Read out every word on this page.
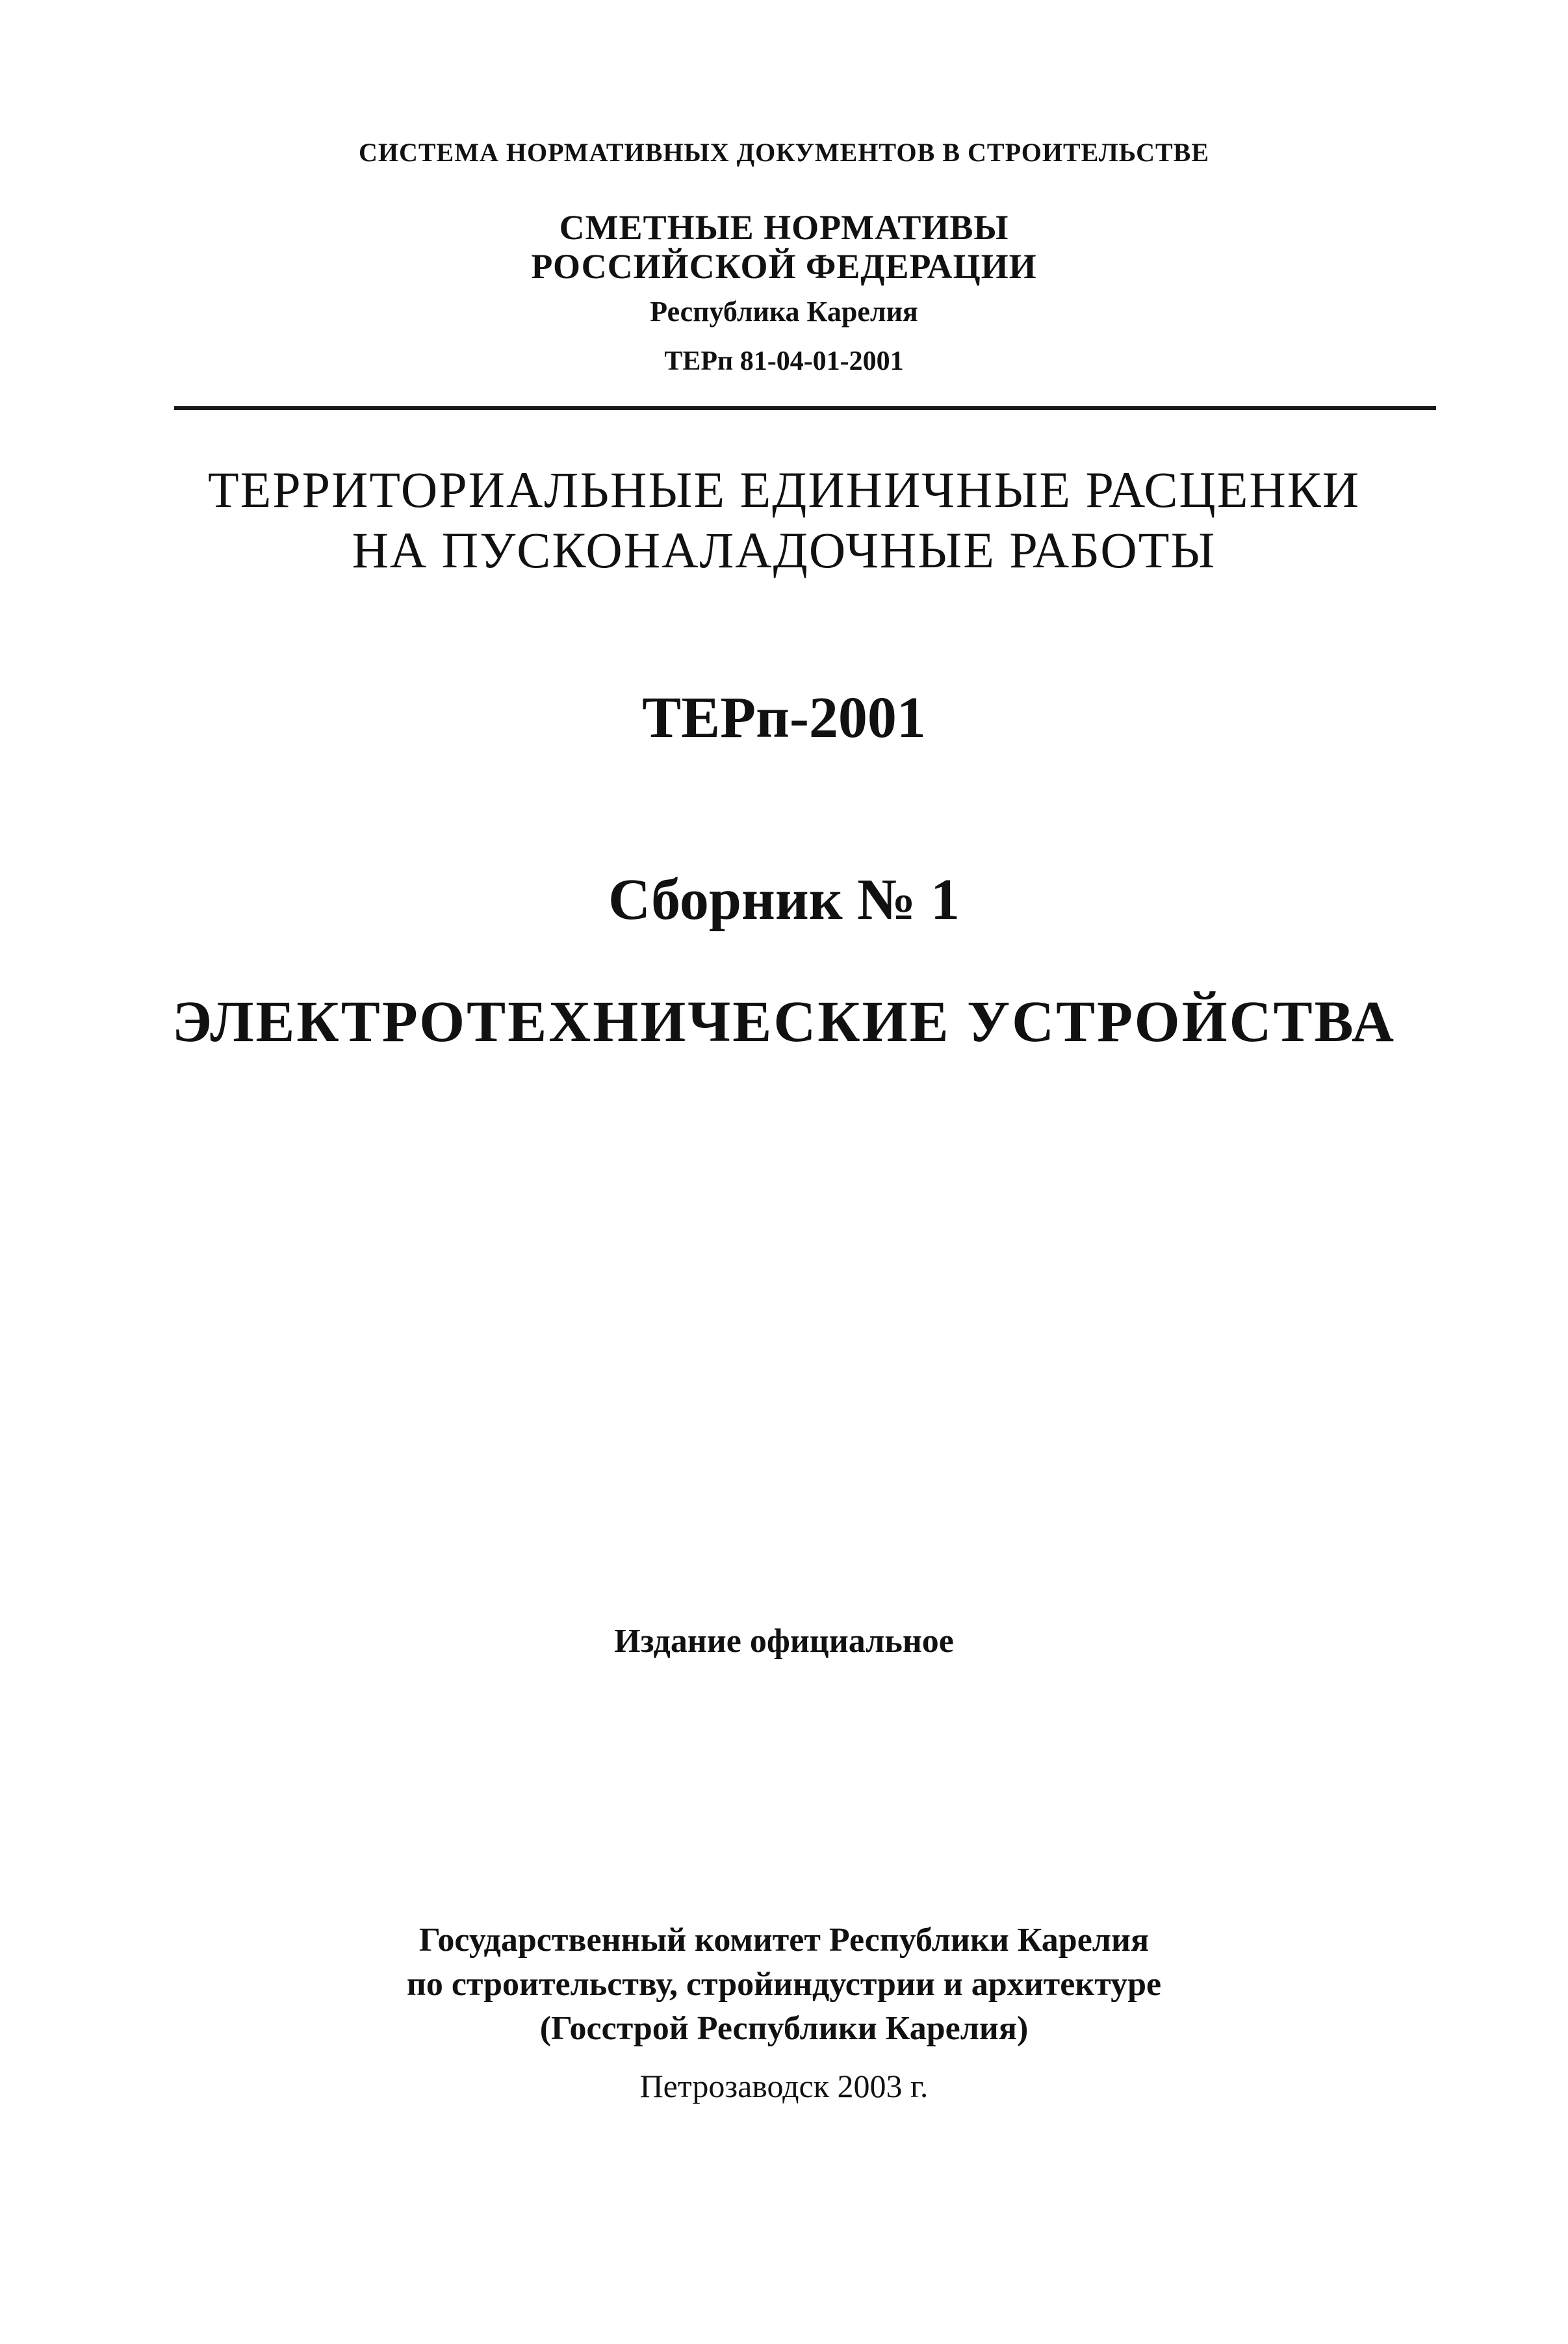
СИСТЕМА НОРМАТИВНЫХ ДОКУМЕНТОВ В СТРОИТЕЛЬСТВЕ
СМЕТНЫЕ НОРМАТИВЫ
РОССИЙСКОЙ ФЕДЕРАЦИИ
Республика Карелия
ТЕРп 81-04-01-2001
ТЕРРИТОРИАЛЬНЫЕ ЕДИНИЧНЫЕ РАСЦЕНКИ
НА ПУСКОНАЛАДОЧНЫЕ РАБОТЫ
ТЕРп-2001
Сборник № 1
ЭЛЕКТРОТЕХНИЧЕСКИЕ УСТРОЙСТВА
Издание официальное
Государственный комитет Республики Карелия
по строительству, стройиндустрии и архитектуре
(Госстрой Республики Карелия)
Петрозаводск 2003 г.
